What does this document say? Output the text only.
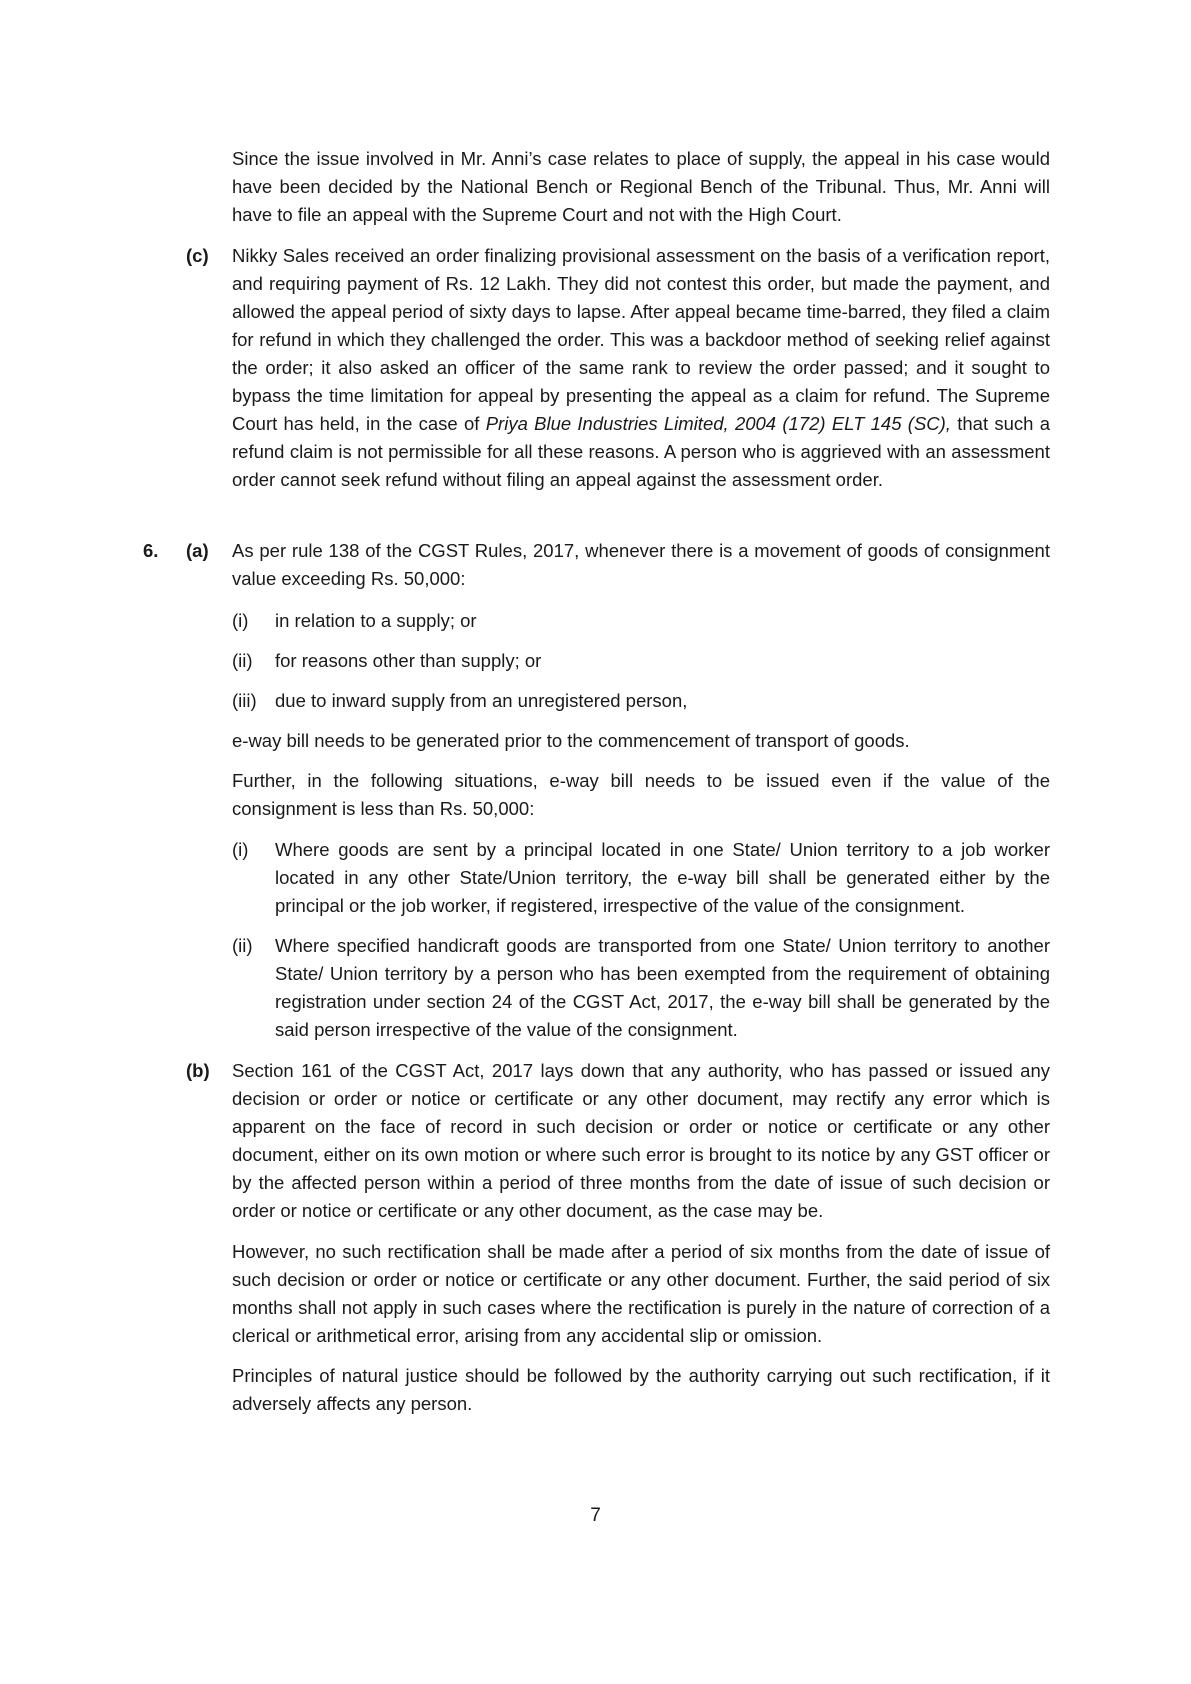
Since the issue involved in Mr. Anni’s case relates to place of supply, the appeal in his case would have been decided by the National Bench or Regional Bench of the Tribunal. Thus, Mr. Anni will have to file an appeal with the Supreme Court and not with the High Court.

(c) Nikky Sales received an order finalizing provisional assessment on the basis of a verification report, and requiring payment of Rs. 12 Lakh. They did not contest this order, but made the payment, and allowed the appeal period of sixty days to lapse. After appeal became time-barred, they filed a claim for refund in which they challenged the order. This was a backdoor method of seeking relief against the order; it also asked an officer of the same rank to review the order passed; and it sought to bypass the time limitation for appeal by presenting the appeal as a claim for refund. The Supreme Court has held, in the case of Priya Blue Industries Limited, 2004 (172) ELT 145 (SC), that such a refund claim is not permissible for all these reasons. A person who is aggrieved with an assessment order cannot seek refund without filing an appeal against the assessment order.

6. (a) As per rule 138 of the CGST Rules, 2017, whenever there is a movement of goods of consignment value exceeding Rs. 50,000:

(i) in relation to a supply; or

(ii) for reasons other than supply; or

(iii) due to inward supply from an unregistered person,

e-way bill needs to be generated prior to the commencement of transport of goods.

Further, in the following situations, e-way bill needs to be issued even if the value of the consignment is less than Rs. 50,000:

(i) Where goods are sent by a principal located in one State/ Union territory to a job worker located in any other State/Union territory, the e-way bill shall be generated either by the principal or the job worker, if registered, irrespective of the value of the consignment.

(ii) Where specified handicraft goods are transported from one State/ Union territory to another State/ Union territory by a person who has been exempted from the requirement of obtaining registration under section 24 of the CGST Act, 2017, the e-way bill shall be generated by the said person irrespective of the value of the consignment.

(b) Section 161 of the CGST Act, 2017 lays down that any authority, who has passed or issued any decision or order or notice or certificate or any other document, may rectify any error which is apparent on the face of record in such decision or order or notice or certificate or any other document, either on its own motion or where such error is brought to its notice by any GST officer or by the affected person within a period of three months from the date of issue of such decision or order or notice or certificate or any other document, as the case may be.

However, no such rectification shall be made after a period of six months from the date of issue of such decision or order or notice or certificate or any other document. Further, the said period of six months shall not apply in such cases where the rectification is purely in the nature of correction of a clerical or arithmetical error, arising from any accidental slip or omission.

Principles of natural justice should be followed by the authority carrying out such rectification, if it adversely affects any person.

7
